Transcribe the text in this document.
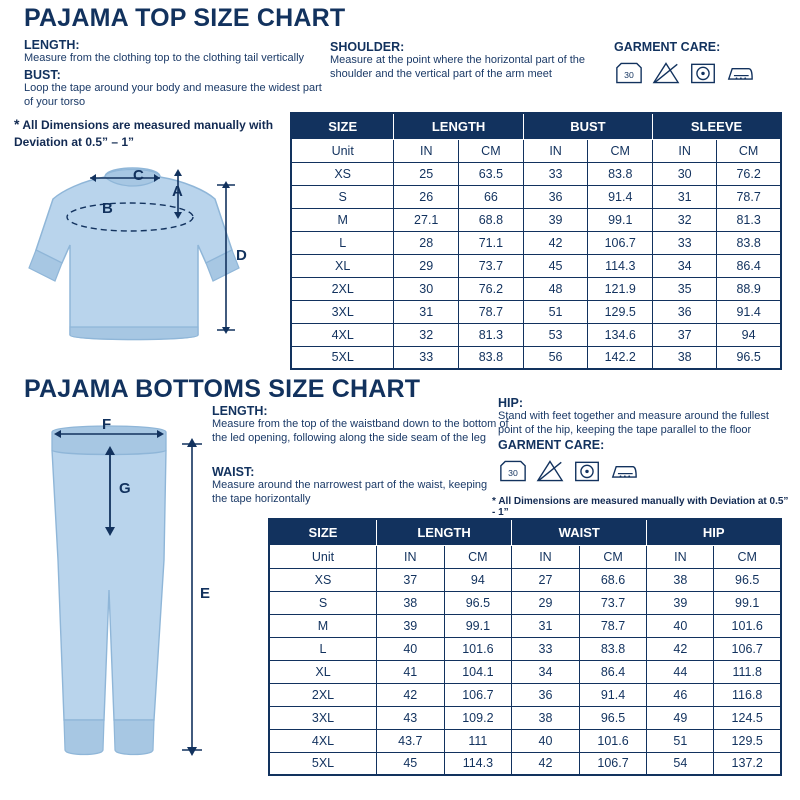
PAJAMA TOP SIZE CHART
LENGTH:
Measure from the clothing top to the clothing tail vertically
BUST:
Loop the tape around your body and measure the widest part of your torso
* All Dimensions are measured manually with Deviation at 0.5” – 1”
SHOULDER:
Measure at the point where the horizontal part of the shoulder and the vertical part of the arm meet
GARMENT CARE:
30
C
A
B
D
SIZE	LENGTH		BUST		SLEEVE	
Unit	IN	CM	IN	CM	IN	CM
XS	25	63.5	33	83.8	30	76.2
S	26	66	36	91.4	31	78.7
M	27.1	68.8	39	99.1	32	81.3
L	28	71.1	42	106.7	33	83.8
XL	29	73.7	45	114.3	34	86.4
2XL	30	76.2	48	121.9	35	88.9
3XL	31	78.7	51	129.5	36	91.4
4XL	32	81.3	53	134.6	37	94
5XL	33	83.8	56	142.2	38	96.5
PAJAMA BOTTOMS SIZE CHART
LENGTH:
Measure from the top of the waistband down to the bottom of the led opening, following along the side seam of the leg
WAIST:
Measure around the narrowest part of the waist, keeping the tape horizontally
HIP:
Stand with feet together and measure around the fullest point of the hip, keeping the tape parallel to the floor
GARMENT CARE:
30
* All Dimensions are measured manually with Deviation at 0.5” - 1”
F
G
E
SIZE	LENGTH		WAIST		HIP	
Unit	IN	CM	IN	CM	IN	CM
XS	37	94	27	68.6	38	96.5
S	38	96.5	29	73.7	39	99.1
M	39	99.1	31	78.7	40	101.6
L	40	101.6	33	83.8	42	106.7
XL	41	104.1	34	86.4	44	111.8
2XL	42	106.7	36	91.4	46	116.8
3XL	43	109.2	38	96.5	49	124.5
4XL	43.7	111	40	101.6	51	129.5
5XL	45	114.3	42	106.7	54	137.2
